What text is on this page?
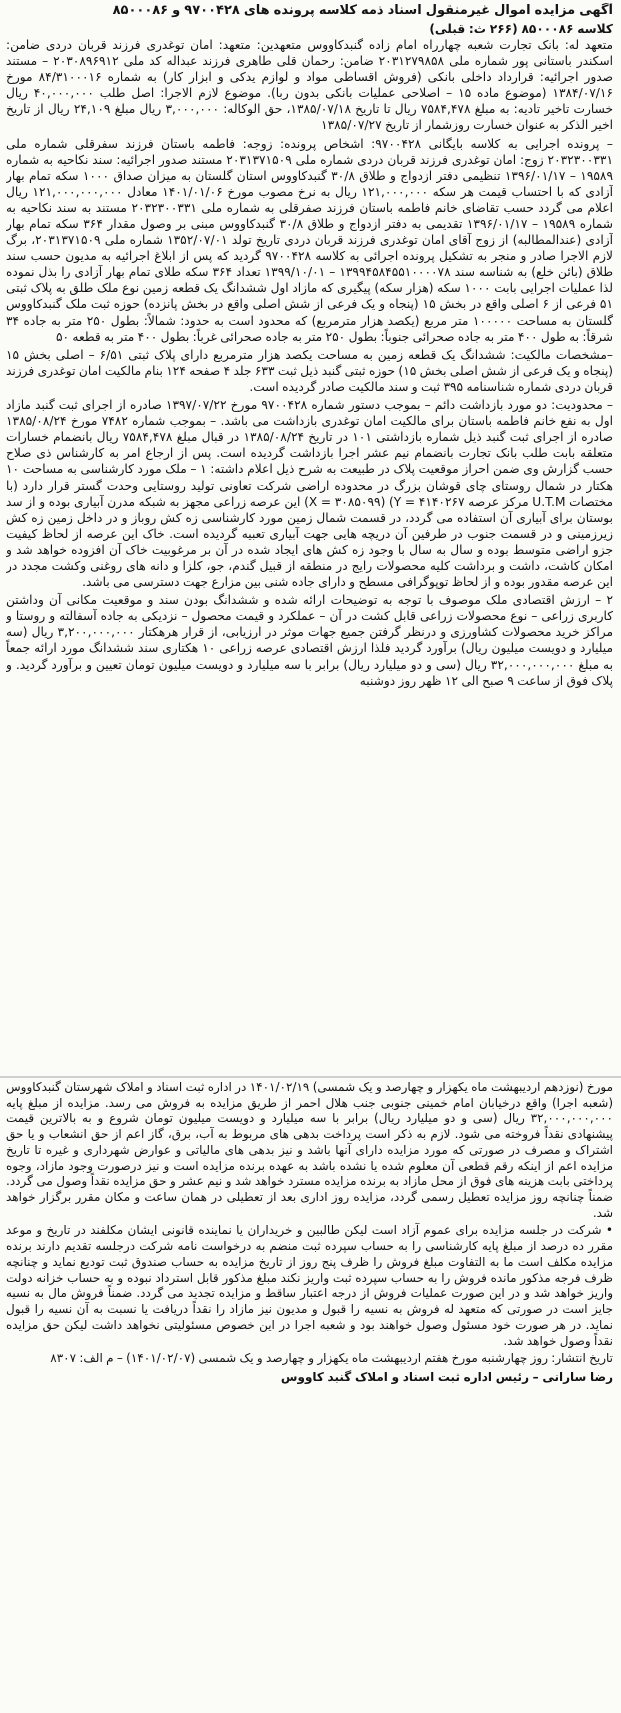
آگهی مزایده اموال غیرمنقول اسناد ذمه کلاسه پرونده های ۹۷۰۰۴۲۸ و ۸۵۰۰۰۸۶
کلاسه ۸۵۰۰۰۸۶ (۲۶۶ ث: قبلی)

متعهد له: بانک تجارت شعبه چهارراه امام زاده گنبدکاووس متعهدین: متعهد: امان توغدری فرزند قربان دردی ضامن: اسکندر باستانی پور شماره ملی ۲۰۳۱۲۷۹۸۵۸ ضامن: رحمان قلی طاهری فرزند عبداله کد ملی ۲۰۳۰۸۹۶۹۱۲ – مستند صدور اجرائیه: قرارداد داخلی بانکی (فروش اقساطی مواد و لوازم یدکی و ابزار کار) به شماره ۸۴/۳۱۰۰۰۱۶ مورخ ۱۳۸۴/۰۷/۱۶ (موضوع ماده ۱۵ – اصلاحی عملیات بانکی بدون ربا). موضوع لازم الاجرا: اصل طلب ۴۰,۰۰۰,۰۰۰ ریال خسارت تاخیر تادیه: به مبلغ ۷۵۸۴,۴۷۸ ریال تا تاریخ ۱۳۸۵/۰۷/۱۸، حق الوکاله: ۳,۰۰۰,۰۰۰ ریال مبلغ ۲۴,۱۰۹ ریال از تاریخ اخیر الذکر به عنوان خسارت روزشمار از تاریخ ۱۳۸۵/۰۷/۲۷

– پرونده اجرایی به کلاسه بایگانی ۹۷۰۰۴۲۸: اشخاص پرونده: زوجه: فاطمه باستان فرزند سفرقلی شماره ملی ۲۰۳۲۳۰۰۳۳۱ زوج: امان توغدری فرزند قربان دردی شماره ملی ۲۰۳۱۳۷۱۵۰۹ مستند صدور اجرائیه: سند نکاحیه به شماره ۱۹۵۸۹ – ۱۳۹۶/۰۱/۱۷ تنظیمی دفتر ازدواج و طلاق ۳۰/۸ گنبدکاووس استان گلستان به میزان صداق ۱۰۰۰ سکه تمام بهار آزادی که با احتساب قیمت هر سکه ۱۲۱,۰۰۰,۰۰۰ ریال به نرخ مصوب مورخ ۱۴۰۱/۰۱/۰۶ معادل ۱۲۱,۰۰۰,۰۰۰,۰۰۰ ریال اعلام می گردد حسب تقاضای خانم فاطمه باستان فرزند صفرقلی به شماره ملی ۲۰۳۲۳۰۰۳۳۱ مستند به سند نکاحیه به شماره ۱۹۵۸۹ – ۱۳۹۶/۰۱/۱۷ تقدیمی به دفتر ازدواج و طلاق ۳۰/۸ گنبدکاووس مبنی بر وصول مقدار ۳۶۴ سکه تمام بهار آزادی (عندالمطالبه) از زوج آقای امان توغدری فرزند قربان دردی تاریخ تولد ۱۳۵۲/۰۷/۰۱ شماره ملی ۲۰۳۱۳۷۱۵۰۹، برگ لازم الاجرا صادر و منجر به تشکیل پرونده اجرائی به کلاسه ۹۷۰۰۴۲۸ گردید که پس از ابلاغ اجرائیه به مدیون حسب سند طلاق (بائن خلع) به شناسه سند ۱۳۹۹۴۵۸۴۵۵۱۰۰۰۰۷۸ – ۱۳۹۹/۱۰/۰۱ تعداد ۳۶۴ سکه طلای تمام بهار آزادی را بذل نموده لذا عملیات اجرایی بابت ۱۰۰۰ سکه (هزار سکه) پیگیری که مازاد اول ششدانگ یک قطعه زمین نوع ملک طلق به پلاک ثبتی ۵۱ فرعی از ۶ اصلی واقع در بخش ۱۵ (پنجاه و یک فرعی از شش اصلی واقع در بخش پانزده) حوزه ثبت ملک گنبدکاووس گلستان به مساحت ۱۰۰۰۰۰ متر مربع (یکصد هزار مترمربع) که محدود است به حدود: شمالاً: بطول ۲۵۰ متر به جاده ۳۴ شرقاً: به طول ۴۰۰ متر به جاده صحرائی جنوباً: بطول ۲۵۰ متر به جاده صحرائی غرباً: بطول ۴۰۰ متر به قطعه ۵۰

–مشخصات مالکیت: ششدانگ یک قطعه زمین به مساحت یکصد هزار مترمربع دارای پلاک ثبتی ۶/۵۱ – اصلی بخش ۱۵ (پنجاه و یک فرعی از شش اصلی بخش ۱۵) حوزه ثبتی گنبد ذیل ثبت ۶۳۳ جلد ۴ صفحه ۱۲۴ بنام مالکیت امان توغدری فرزند قربان دردی شماره شناسنامه ۳۹۵ ثبت و سند مالکیت صادر گردیده است.

– محدودیت: دو مورد بازداشت دائم – بموجب دستور شماره ۹۷۰۰۴۲۸ مورخ ۱۳۹۷/۰۷/۲۲ صادره از اجرای ثبت گنبد مازاد اول به نفع خانم فاطمه باستان برای مالکیت امان توغدری بازداشت می باشد. – بموجب شماره ۷۴۸۲ مورخ ۱۳۸۵/۰۸/۲۴ صادره از اجرای ثبت گنبد ذیل شماره بازداشتی ۱۰۱ در تاریخ ۱۳۸۵/۰۸/۲۴ در قبال مبلغ ۷۵۸۴,۴۷۸ ریال بانضمام خسارات متعلقه بابت طلب بانک تجارت بانضمام نیم عشر اجرا بازداشت گردیده است. پس از ارجاع امر به کارشناس ذی صلاح حسب گزارش وی ضمن احراز موقعیت پلاک در طبیعت به شرح ذیل اعلام داشته: ۱ – ملک مورد کارشناسی به مساحت ۱۰ هکتار در شمال روستای چای قوشان بزرگ در محدوده اراضی شرکت تعاونی تولید روستایی وحدت گستر قرار دارد (با مختصات U.T.M مرکز عرصه ۴۱۴۰۲۶۷ = Y) (X = ۳۰۸۵۰۹۹) این عرصه زراعی مجهز به شبکه مدرن آبیاری بوده و از سد بوستان برای آبیاری آن استفاده می گردد، در قسمت شمال زمین مورد کارشناسی زه کش روباز و در داخل زمین زه کش زیرزمینی و در قسمت جنوب در طرفین آن دریچه هایی جهت آبیاری تعبیه گردیده است. خاک این عرصه از لحاظ کیفیت جزو اراضی متوسط بوده و سال به سال با وجود زه کش های ایجاد شده در آن بر مرغوبیت خاک آن افزوده خواهد شد و امکان کاشت، داشت و برداشت کلیه محصولات رایج در منطقه از قبیل گندم، جو، کلزا و دانه های روغنی وکشت مجدد در این عرصه مقدور بوده و از لحاظ توپوگرافی مسطح و دارای جاده شنی بین مزارع جهت دسترسی می باشد.

۲ – ارزش اقتصادی ملک موصوف با توجه به توضیحات ارائه شده و ششدانگ بودن سند و موقعیت مکانی آن وداشتن کاربری زراعی – نوع محصولات زراعی قابل کشت در آن – عملکرد و قیمت محصول – نزدیکی به جاده آسفالته و روستا و مراکز خرید محصولات کشاورزی و درنظر گرفتن جمیع جهات موثر در ارزیابی، از قرار هرهکتار ۳,۲۰۰,۰۰۰,۰۰۰ ریال (سه میلیارد و دویست میلیون ریال) برآورد گردید فلذا ارزش اقتصادی عرصه زراعی ۱۰ هکتاری سند ششدانگ مورد ارائه جمعاً به مبلغ ۳۲,۰۰۰,۰۰۰,۰۰۰ ریال (سی و دو میلیارد ریال) برابر با سه میلیارد و دویست میلیون تومان تعیین و برآورد گردید. و پلاک فوق از ساعت ۹ صبح الی ۱۲ ظهر روز دوشنبه

مورخ (نوزدهم اردیبهشت ماه یکهزار و چهارصد و یک شمسی) ۱۴۰۱/۰۲/۱۹ در اداره ثبت اسناد و املاک شهرستان گنبدکاووس (شعبه اجرا) واقع درخیابان امام خمینی جنوبی جنب هلال احمر از طریق مزایده به فروش می رسد. مزایده از مبلغ پایه ۳۲,۰۰۰,۰۰۰,۰۰۰ ریال (سی و دو میلیارد ریال) برابر با سه میلیارد و دویست میلیون تومان شروع و به بالاترین قیمت پیشنهادی نقداً فروخته می شود. لازم به ذکر است پرداخت بدهی های مربوط به آب، برق، گاز اعم از حق انشعاب و یا حق اشتراک و مصرف در صورتی که مورد مزایده دارای آنها باشد و نیز بدهی های مالیاتی و عوارض شهرداری و غیره تا تاریخ مزایده اعم از اینکه رقم قطعی آن معلوم شده یا نشده باشد به عهده برنده مزایده است و نیز درصورت وجود مازاد، وجوه پرداختی بابت هزینه های فوق از محل مازاد به برنده مزایده مسترد خواهد شد و نیم عشر و حق مزایده نقداً وصول می گردد. ضمناً چنانچه روز مزایده تعطیل رسمی گردد، مزایده روز اداری بعد از تعطیلی در همان ساعت و مکان مقرر برگزار خواهد شد.

• شرکت در جلسه مزایده برای عموم آزاد است لیکن طالبین و خریداران یا نماینده قانونی ایشان مکلفند در تاریخ و موعد مقرر ده درصد از مبلغ پایه کارشناسی را به حساب سپرده ثبت منضم به درخواست نامه شرکت درجلسه تقدیم دارند برنده مزایده مکلف است ما به التفاوت مبلغ فروش را ظرف پنج روز از تاریخ مزایده به حساب صندوق ثبت تودیع نماید و چنانچه ظرف فرجه مذکور مانده فروش را به حساب سپرده ثبت واریز نکند مبلغ مذکور قابل استرداد نبوده و به حساب خزانه دولت واریز خواهد شد و در این صورت عملیات فروش از درجه اعتبار ساقط و مزایده تجدید می گردد. ضمناً فروش مال به نسیه جایز است در صورتی که متعهد له فروش به نسیه را قبول و مدیون نیز مازاد را نقداً دریافت یا نسبت به آن نسیه را قبول نماید. در هر صورت خود مسئول وصول خواهند بود و شعبه اجرا در این خصوص مسئولیتی نخواهد داشت لیکن حق مزایده نقداً وصول خواهد شد.

تاریخ انتشار: روز چهارشنبه مورخ هفتم اردیبهشت ماه یکهزار و چهارصد و یک شمسی (۱۴۰۱/۰۲/۰۷) – م الف: ۸۳۰۷

رضا سارانی – رئیس اداره ثبت اسناد و املاک گنبد کاووس
